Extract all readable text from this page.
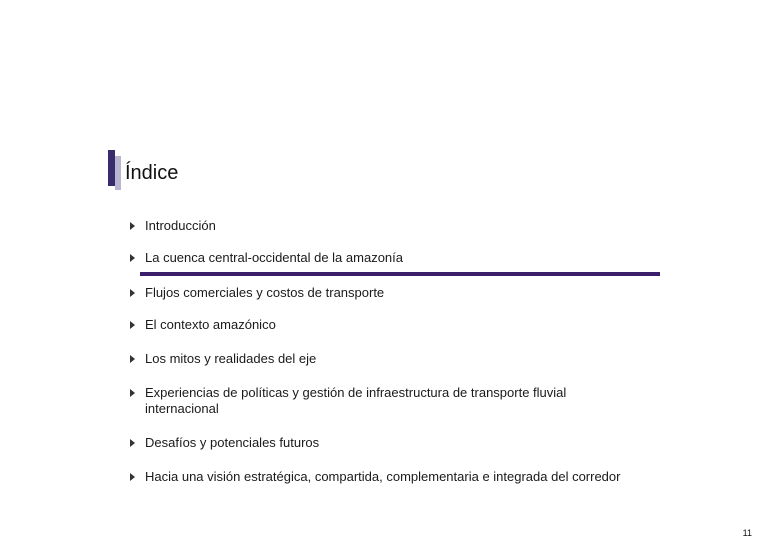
Índice
Introducción
La cuenca central-occidental de la amazonía
Flujos comerciales y costos de transporte
El contexto amazónico
Los mitos y realidades del eje
Experiencias de políticas y gestión de infraestructura de transporte fluvial internacional
Desafíos y potenciales futuros
Hacia una visión estratégica, compartida, complementaria e integrada del corredor
11
